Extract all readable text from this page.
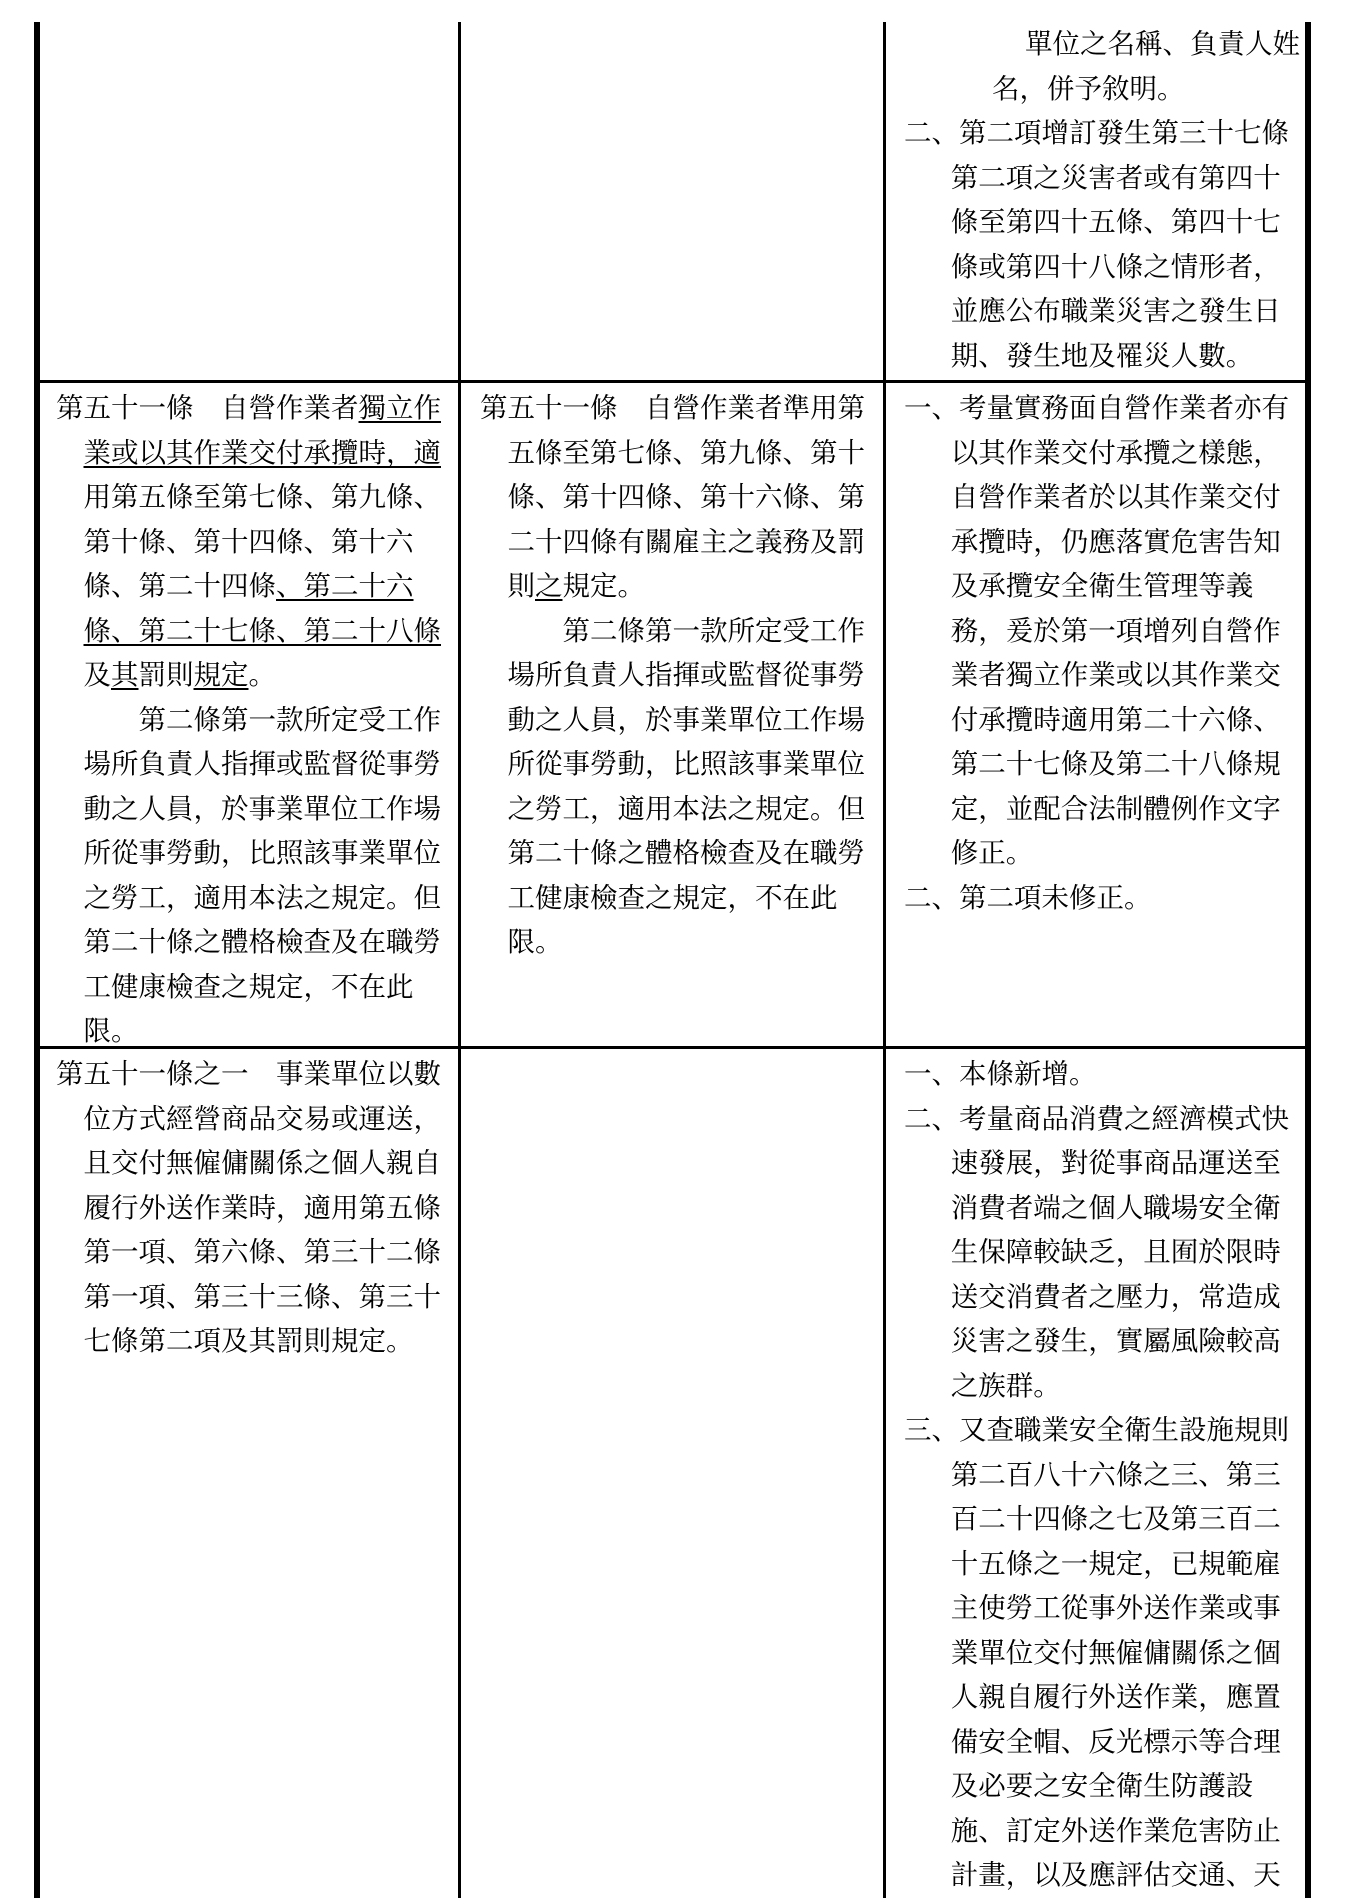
單位之名稱、負責人姓

名，併予敘明。

二、第二項增訂發生第三十七條第二項之災害者或有第四十條至第四十五條、第四十七條或第四十八條之情形者，並應公布職業災害之發生日期、發生地及罹災人數。

第五十一條　自營作業者獨立作業或以其作業交付承攬時，適用第五條至第七條、第九條、第十條、第十四條、第十六條、第二十四條、第二十六條、第二十七條、第二十八條及其罰則規定。

第二條第一款所定受工作場所負責人指揮或監督從事勞動之人員，於事業單位工作場所從事勞動，比照該事業單位之勞工，適用本法之規定。但第二十條之體格檢查及在職勞工健康檢查之規定，不在此限。

第五十一條　自營作業者準用第五條至第七條、第九條、第十條、第十四條、第十六條、第二十四條有關雇主之義務及罰則之規定。

第二條第一款所定受工作場所負責人指揮或監督從事勞動之人員，於事業單位工作場所從事勞動，比照該事業單位之勞工，適用本法之規定。但第二十條之體格檢查及在職勞工健康檢查之規定，不在此限。

一、考量實務面自營作業者亦有以其作業交付承攬之樣態，自營作業者於以其作業交付承攬時，仍應落實危害告知及承攬安全衛生管理等義務，爰於第一項增列自營作業者獨立作業或以其作業交付承攬時適用第二十六條、第二十七條及第二十八條規定，並配合法制體例作文字修正。

二、第二項未修正。

第五十一條之一　事業單位以數位方式經營商品交易或運送，且交付無僱傭關係之個人親自履行外送作業時，適用第五條第一項、第六條、第三十二條第一項、第三十三條、第三十七條第二項及其罰則規定。

一、本條新增。

二、考量商品消費之經濟模式快速發展，對從事商品運送至消費者端之個人職場安全衛生保障較缺乏，且囿於限時送交消費者之壓力，常造成災害之發生，實屬風險較高之族群。

三、又查職業安全衛生設施規則第二百八十六條之三、第三百二十四條之七及第三百二十五條之一規定，已規範雇主使勞工從事外送作業或事業單位交付無僱傭關係之個人親自履行外送作業，應置備安全帽、反光標示等合理及必要之安全衛生防護設施、訂定外送作業危害防止計畫，以及應評估交通、天
